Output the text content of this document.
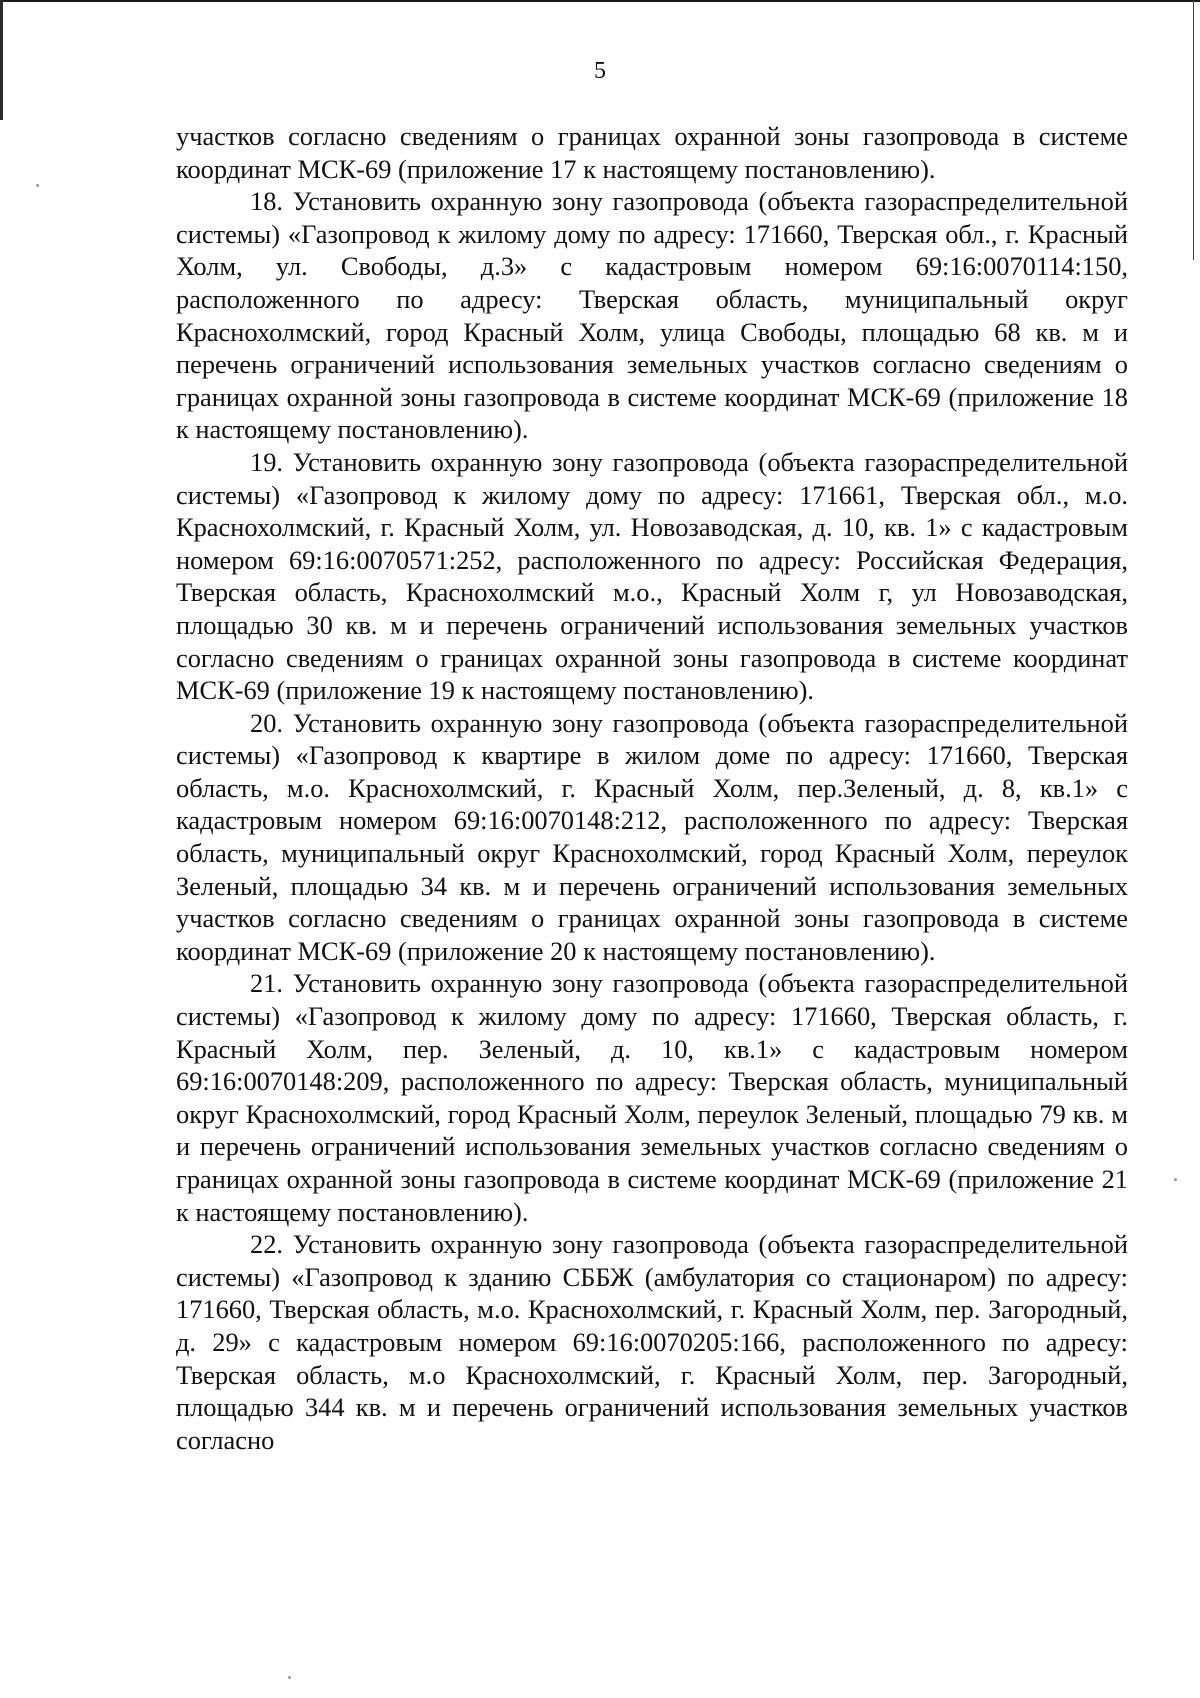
5

участков согласно сведениям о границах охранной зоны газопровода в системе координат МСК-69 (приложение 17 к настоящему постановлению).

18. Установить охранную зону газопровода (объекта газораспределительной системы) «Газопровод к жилому дому по адресу: 171660, Тверская обл., г. Красный Холм, ул. Свободы, д.3» с кадастровым номером 69:16:0070114:150, расположенного по адресу: Тверская область, муниципальный округ Краснохолмский, город Красный Холм, улица Свободы, площадью 68 кв. м и перечень ограничений использования земельных участков согласно сведениям о границах охранной зоны газопровода в системе координат МСК-69 (приложение 18 к настоящему постановлению).

19. Установить охранную зону газопровода (объекта газораспределительной системы) «Газопровод к жилому дому по адресу: 171661, Тверская обл., м.о. Краснохолмский, г. Красный Холм, ул. Новозаводская, д. 10, кв. 1» с кадастровым номером 69:16:0070571:252, расположенного по адресу: Российская Федерация, Тверская область, Краснохолмский м.о., Красный Холм г, ул Новозаводская, площадью 30 кв. м и перечень ограничений использования земельных участков согласно сведениям о границах охранной зоны газопровода в системе координат МСК-69 (приложение 19 к настоящему постановлению).

20. Установить охранную зону газопровода (объекта газораспределительной системы) «Газопровод к квартире в жилом доме по адресу: 171660, Тверская область, м.о. Краснохолмский, г. Красный Холм, пер.Зеленый, д. 8, кв.1» с кадастровым номером 69:16:0070148:212, расположенного по адресу: Тверская область, муниципальный округ Краснохолмский, город Красный Холм, переулок Зеленый, площадью 34 кв. м и перечень ограничений использования земельных участков согласно сведениям о границах охранной зоны газопровода в системе координат МСК-69 (приложение 20 к настоящему постановлению).

21. Установить охранную зону газопровода (объекта газораспределительной системы) «Газопровод к жилому дому по адресу: 171660, Тверская область, г. Красный Холм, пер. Зеленый, д. 10, кв.1» с кадастровым номером 69:16:0070148:209, расположенного по адресу: Тверская область, муниципальный округ Краснохолмский, город Красный Холм, переулок Зеленый, площадью 79 кв. м и перечень ограничений использования земельных участков согласно сведениям о границах охранной зоны газопровода в системе координат МСК-69 (приложение 21 к настоящему постановлению).

22. Установить охранную зону газопровода (объекта газораспределительной системы) «Газопровод к зданию СББЖ (амбулатория со стационаром) по адресу: 171660, Тверская область, м.о. Краснохолмский, г. Красный Холм, пер. Загородный, д. 29» с кадастровым номером 69:16:0070205:166, расположенного по адресу: Тверская область, м.о Краснохолмский, г. Красный Холм, пер. Загородный, площадью 344 кв. м и перечень ограничений использования земельных участков согласно
